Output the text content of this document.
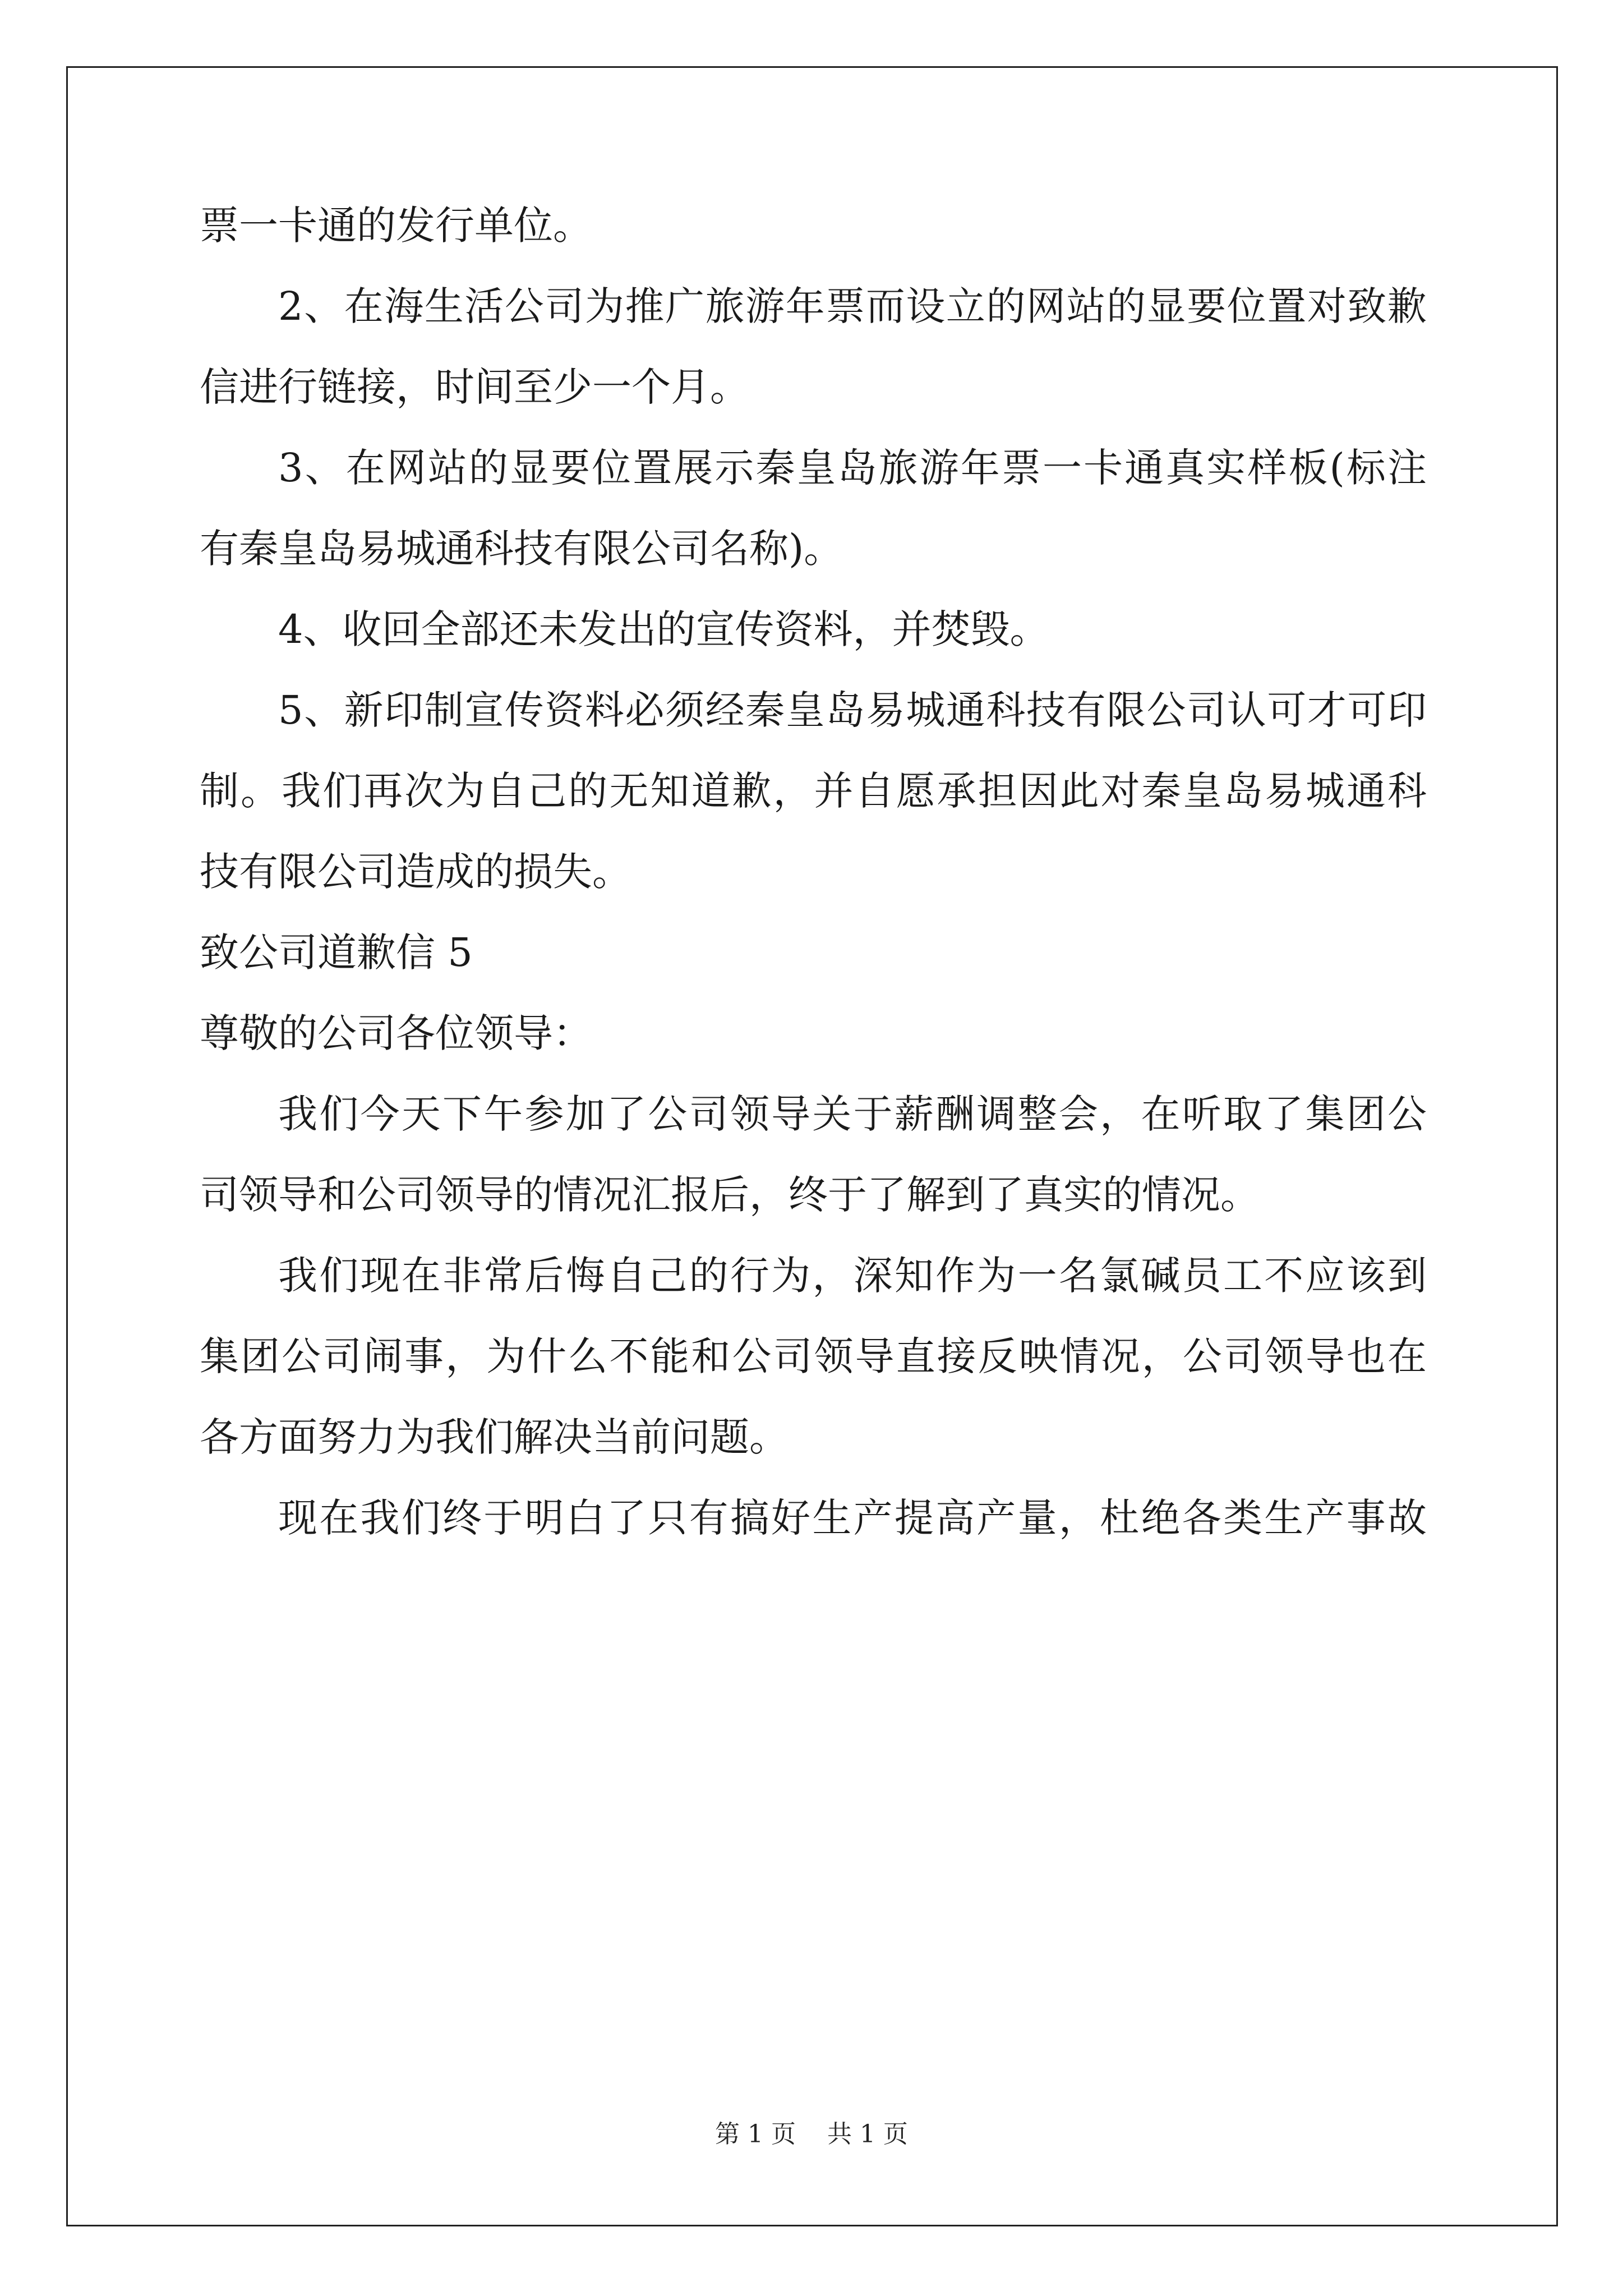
票一卡通的发行单位。
2、在海生活公司为推广旅游年票而设立的网站的显要位置对致歉
信进行链接，时间至少一个月。
3、在网站的显要位置展示秦皇岛旅游年票一卡通真实样板(标注
有秦皇岛易城通科技有限公司名称)。
4、收回全部还未发出的宣传资料，并焚毁。
5、新印制宣传资料必须经秦皇岛易城通科技有限公司认可才可印
制。我们再次为自己的无知道歉，并自愿承担因此对秦皇岛易城通科
技有限公司造成的损失。
致公司道歉信 5
尊敬的公司各位领导：
我们今天下午参加了公司领导关于薪酬调整会，在听取了集团公
司领导和公司领导的情况汇报后，终于了解到了真实的情况。
我们现在非常后悔自己的行为，深知作为一名氯碱员工不应该到
集团公司闹事，为什么不能和公司领导直接反映情况，公司领导也在
各方面努力为我们解决当前问题。
现在我们终于明白了只有搞好生产提高产量，杜绝各类生产事故
第 1 页    共 1 页
